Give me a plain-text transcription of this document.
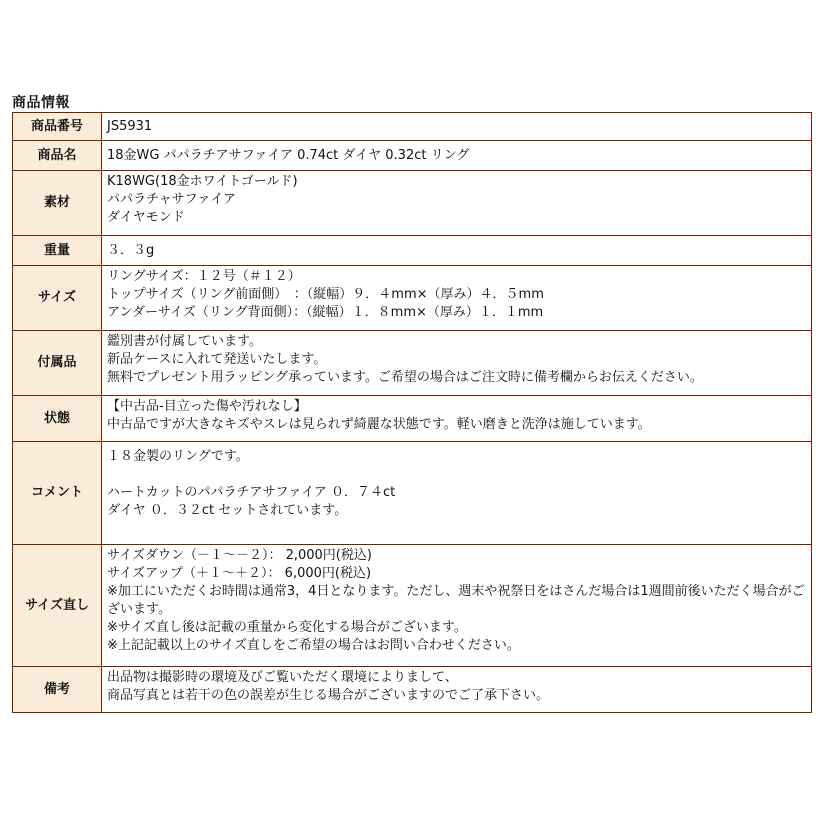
商品情報
商品番号	JS5931

商品名	18金WG パパラチアサファイア 0.74ct ダイヤ 0.32ct リング

素材	K18WG(18金ホワイトゴールド)
パパラチャサファイア
ダイヤモンド

重量	３．３g

サイズ	リングサイズ：１２号（＃１２）
トップサイズ（リング前面側）　：（縦幅）９．４mm×（厚み）４．５mm
アンダーサイズ（リング背面側）：（縦幅）１．８mm×（厚み）１．１mm

付属品	鑑別書が付属しています。
新品ケースに入れて発送いたします。
無料でプレゼント用ラッピング承っています。ご希望の場合はご注文時に備考欄からお伝えください。

状態	【中古品-目立った傷や汚れなし】
中古品ですが大きなキズやスレは見られず綺麗な状態です。軽い磨きと洗浄は施しています。

コメント	１８金製のリングです。
ハートカットのパパラチアサファイア ０．７４ct
ダイヤ ０．３２ct セットされています。

サイズ直し	サイズダウン（－１～－２）： 2,000円(税込)
サイズアップ（＋１～＋２）： 6,000円(税込)
※加工にいただくお時間は通常3，4日となります。ただし、週末や祝祭日をはさんだ場合は1週間前後いただく場合がございます。
※サイズ直し後は記載の重量から変化する場合がございます。
※上記記載以上のサイズ直しをご希望の場合はお問い合わせください。

備考	出品物は撮影時の環境及びご覧いただく環境によりまして、
商品写真とは若干の色の誤差が生じる場合がございますのでご了承下さい。
